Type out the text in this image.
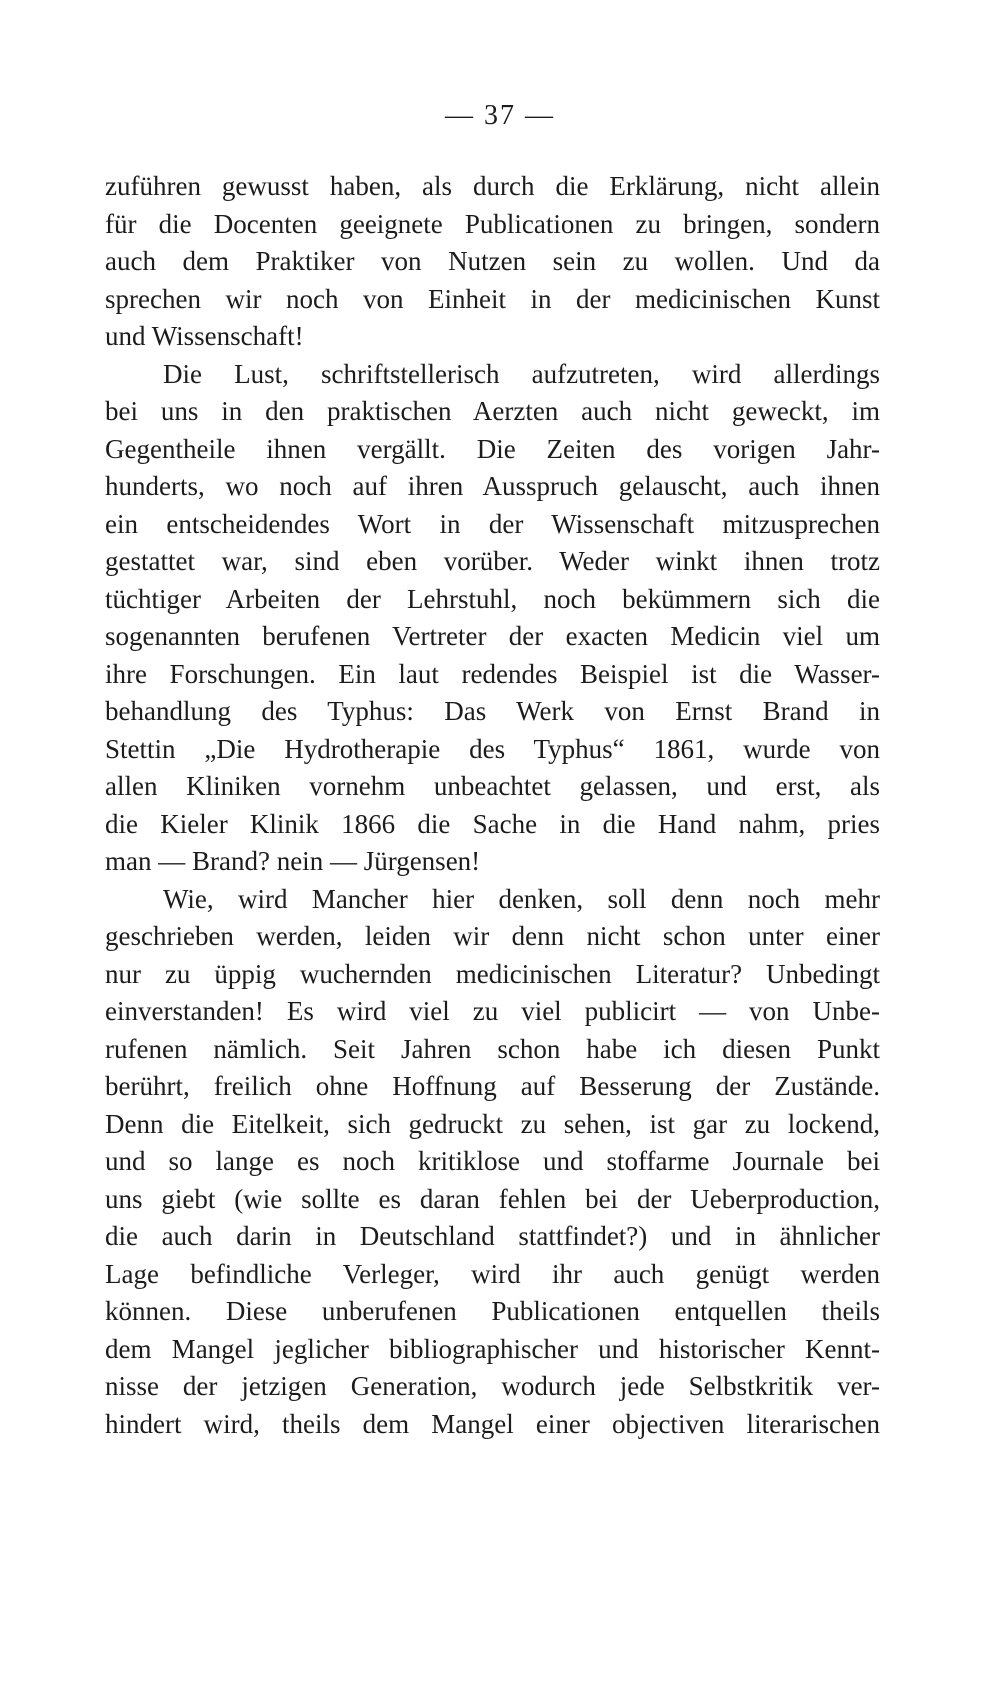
— 37 —
zuführen gewusst haben, als durch die Erklärung, nicht allein
für die Docenten geeignete Publicationen zu bringen, sondern
auch dem Praktiker von Nutzen sein zu wollen. Und da
sprechen wir noch von Einheit in der medicinischen Kunst
und Wissenschaft!
Die Lust, schriftstellerisch aufzutreten, wird allerdings
bei uns in den praktischen Aerzten auch nicht geweckt, im
Gegentheile ihnen vergällt. Die Zeiten des vorigen Jahr-
hunderts, wo noch auf ihren Ausspruch gelauscht, auch ihnen
ein entscheidendes Wort in der Wissenschaft mitzusprechen
gestattet war, sind eben vorüber. Weder winkt ihnen trotz
tüchtiger Arbeiten der Lehrstuhl, noch bekümmern sich die
sogenannten berufenen Vertreter der exacten Medicin viel um
ihre Forschungen. Ein laut redendes Beispiel ist die Wasser-
behandlung des Typhus: Das Werk von Ernst Brand in
Stettin „Die Hydrotherapie des Typhus“ 1861, wurde von
allen Kliniken vornehm unbeachtet gelassen, und erst, als
die Kieler Klinik 1866 die Sache in die Hand nahm, pries
man — Brand? nein — Jürgensen!
Wie, wird Mancher hier denken, soll denn noch mehr
geschrieben werden, leiden wir denn nicht schon unter einer
nur zu üppig wuchernden medicinischen Literatur? Unbedingt
einverstanden! Es wird viel zu viel publicirt — von Unbe-
rufenen nämlich. Seit Jahren schon habe ich diesen Punkt
berührt, freilich ohne Hoffnung auf Besserung der Zustände.
Denn die Eitelkeit, sich gedruckt zu sehen, ist gar zu lockend,
und so lange es noch kritiklose und stoffarme Journale bei
uns giebt (wie sollte es daran fehlen bei der Ueberproduction,
die auch darin in Deutschland stattfindet?) und in ähnlicher
Lage befindliche Verleger, wird ihr auch genügt werden
können. Diese unberufenen Publicationen entquellen theils
dem Mangel jeglicher bibliographischer und historischer Kennt-
nisse der jetzigen Generation, wodurch jede Selbstkritik ver-
hindert wird, theils dem Mangel einer objectiven literarischen
